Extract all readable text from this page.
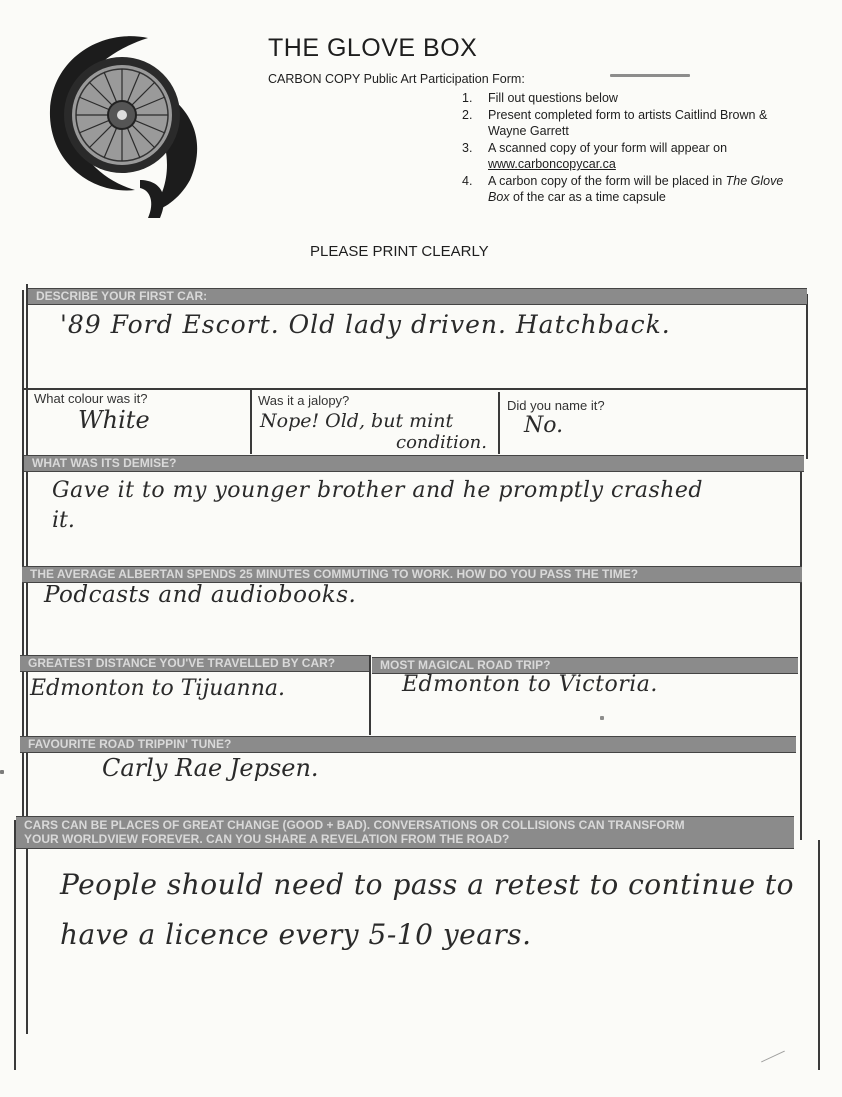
THE GLOVE BOX
CARBON COPY Public Art Participation Form:
1. Fill out questions below
2. Present completed form to artists Caitlind Brown & Wayne Garrett
3. A scanned copy of your form will appear on
www.carboncopycar.ca
4. A carbon copy of the form will be placed in The Glove Box of the car as a time capsule
PLEASE PRINT CLEARLY
DESCRIBE YOUR FIRST CAR:
'89 Ford Escort. Old lady driven. Hatchback.
What colour was it?
White
Was it a jalopy?
Nope! Old, but mint
condition.
Did you name it?
No.
WHAT WAS ITS DEMISE?
Gave it to my younger brother and he promptly crashed
it.
THE AVERAGE ALBERTAN SPENDS 25 MINUTES COMMUTING TO WORK. HOW DO YOU PASS THE TIME?
Podcasts and audiobooks.
GREATEST DISTANCE YOU'VE TRAVELLED BY CAR?	MOST MAGICAL ROAD TRIP?
Edmonton to Tijuanna.	Edmonton to Victoria.
FAVOURITE ROAD TRIPPIN' TUNE?
Carly Rae Jepsen.
CARS CAN BE PLACES OF GREAT CHANGE (GOOD + BAD). CONVERSATIONS OR COLLISIONS CAN TRANSFORM
YOUR WORLDVIEW FOREVER. CAN YOU SHARE A REVELATION FROM THE ROAD?
People should need to pass a retest to continue to
have a licence every 5-10 years.
